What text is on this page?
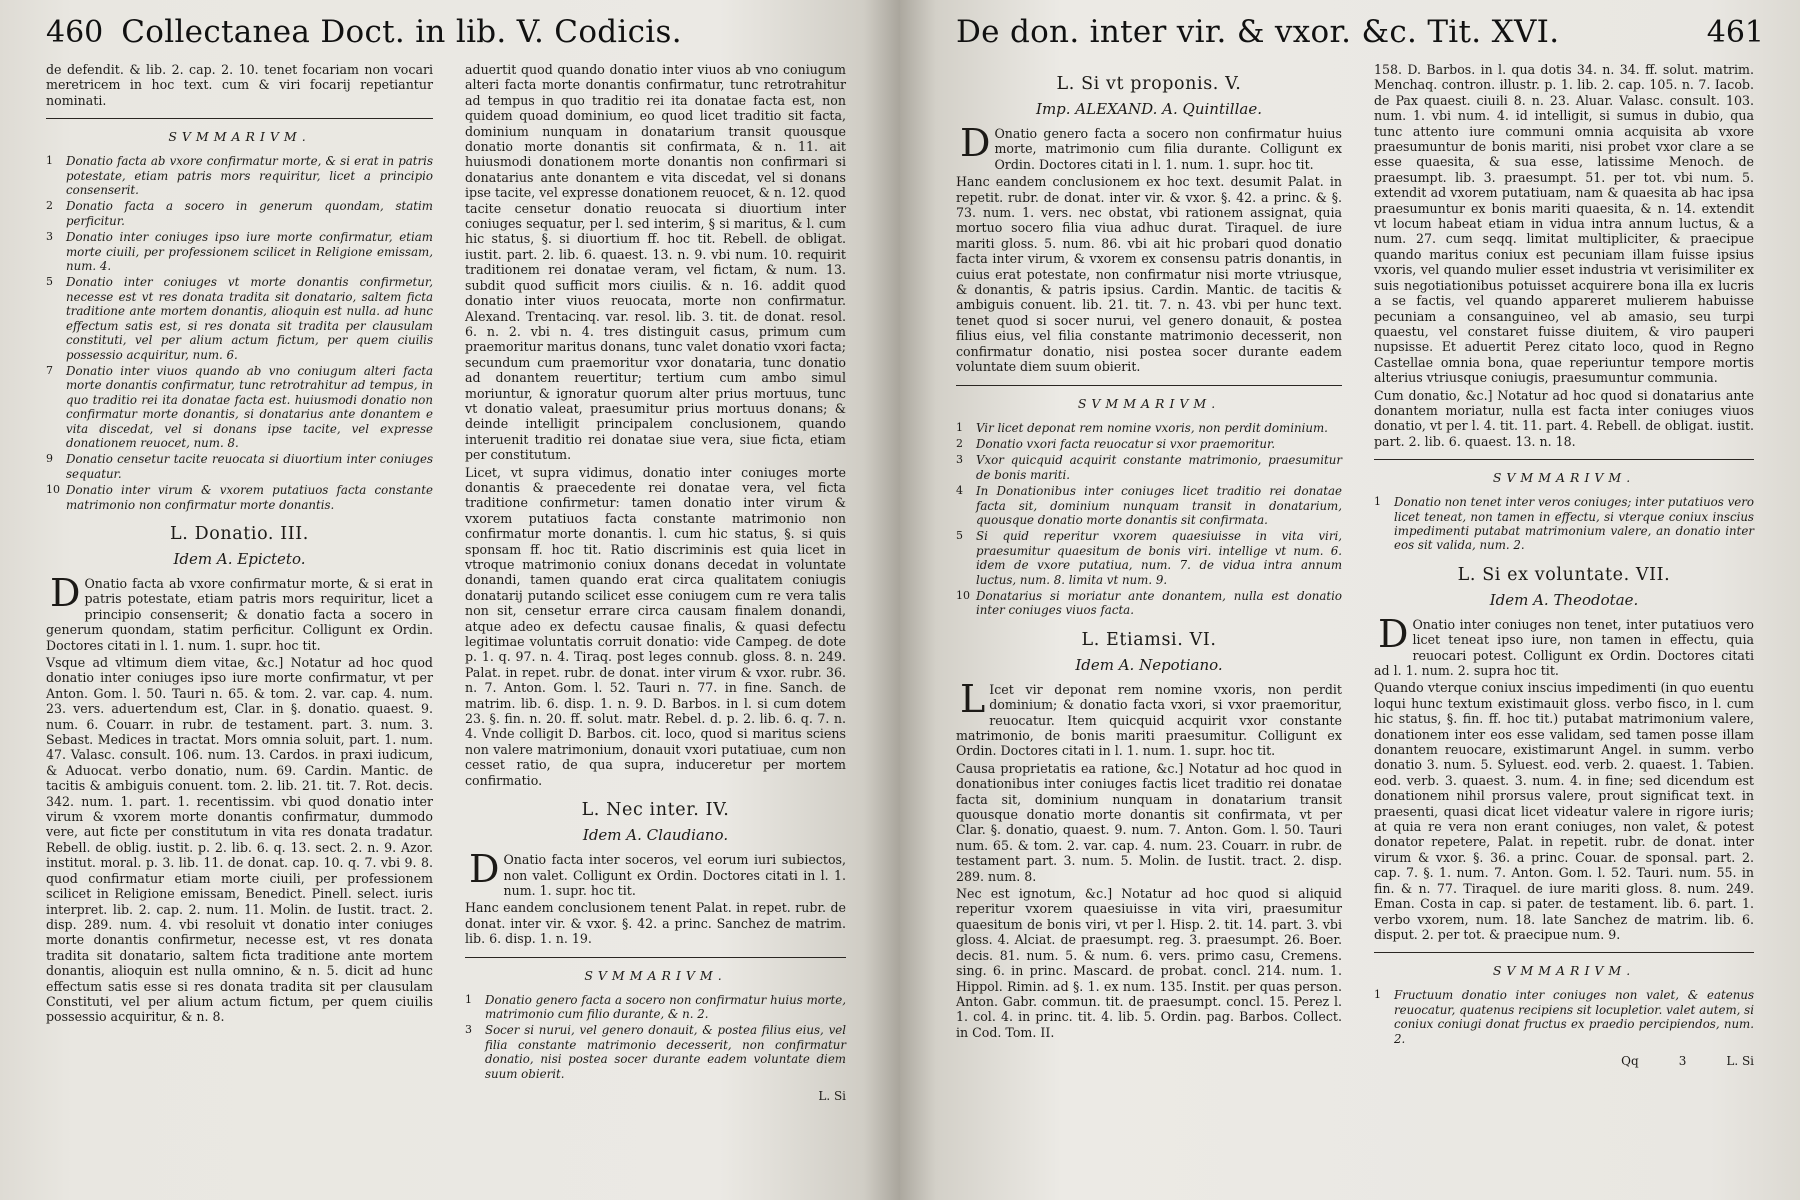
460 Collectanea Doct. in lib. V. Codicis.

de defendit. & lib. 2. cap. 2. 10. tenet focariam non vocari meretricem in hoc text. cum & viri focarij repetiantur nominati.

SVMMARIVM.
1	Donatio facta ab vxore confirmatur morte, & si erat in patris potestate, etiam patris mors requiritur, licet a principio consenserit.
2	Donatio facta a socero in generum quondam, statim perficitur.
3	Donatio inter coniuges ipso iure morte confirmatur, etiam morte ciuili, per professionem scilicet in Religione emissam, num. 4.
5	Donatio inter coniuges vt morte donantis confirmetur, necesse est vt res donata tradita sit donatario, saltem ficta traditione ante mortem donantis, alioquin est nulla. ad hunc effectum satis est, si res donata sit tradita per clausulam constituti, vel per alium actum fictum, per quem ciuilis possessio acquiritur, num. 6.
7	Donatio inter viuos quando ab vno coniugum alteri facta morte donantis confirmatur, tunc retrotrahitur ad tempus, in quo traditio rei ita donatae facta est. huiusmodi donatio non confirmatur morte donantis, si donatarius ante donantem e vita discedat, vel si donans ipse tacite, vel expresse donationem reuocet, num. 8.
9	Donatio censetur tacite reuocata si diuortium inter coniuges sequatur.
10 Donatio inter virum & vxorem putatiuos facta constante matrimonio non confirmatur morte donantis.
L. Donatio. III.
Idem A. Epicteto.

D Onatio facta ab vxore confirmatur morte, & si erat in patris potestate, etiam patris mors requiritur, licet a principio consenserit; & donatio facta a socero in generum quondam, statim perficitur. Colligunt ex Ordin. Doctores citati in l. 1. num. 1. supr. hoc tit.

Vsque ad vltimum diem vitae, &c.] Notatur ad hoc quod donatio inter coniuges ipso iure morte confirmatur, vt per Anton. Gom. l. 50. Tauri n. 65. & tom. 2. var. cap. 4. num. 23. vers. aduertendum est, Clar. in §. donatio. quaest. 9. num. 6. Couarr. in rubr. de testament. part. 3. num. 3. Sebast. Medices in tractat. Mors omnia soluit, part. 1. num. 47. Valasc. consult. 106. num. 13. Cardos. in praxi iudicum, & Aduocat. verbo donatio, num. 69. Cardin. Mantic. de tacitis & ambiguis conuent. tom. 2. lib. 21. tit. 7. Rot. decis. 342. num. 1. part. 1. recentissim. vbi quod donatio inter virum & vxorem morte donantis confirmatur, dummodo vere, aut ficte per constitutum in vita res donata tradatur. Rebell. de oblig. iustit. p. 2. lib. 6. q. 13. sect. 2. n. 9. Azor. institut. moral. p. 3. lib. 11. de donat. cap. 10. q. 7. vbi 9. 8. quod confirmatur etiam morte ciuili, per professionem scilicet in Religione emissam, Benedict. Pinell. select. iuris interpret. lib. 2. cap. 2. num. 11. Molin. de Iustit. tract. 2. disp. 289. num. 4. vbi resoluit vt donatio inter coniuges morte donantis confirmetur, necesse est, vt res donata tradita sit donatario, saltem ficta traditione ante mortem donantis, alioquin est nulla omnino, & n. 5. dicit ad hunc effectum satis esse si res donata tradita sit per clausulam Constituti, vel per alium actum fictum, per quem ciuilis possessio acquiritur, & n. 8.

aduertit quod quando donatio inter viuos ab vno coniugum alteri facta morte donantis confirmatur, tunc retrotrahitur ad tempus in quo traditio rei ita donatae facta est, non quidem quoad dominium, eo quod licet traditio sit facta, dominium nunquam in donatarium transit quousque donatio morte donantis sit confirmata, & n. 11. ait huiusmodi donationem morte donantis non confirmari si donatarius ante donantem e vita discedat, vel si donans ipse tacite, vel expresse donationem reuocet, & n. 12. quod tacite censetur donatio reuocata si diuortium inter coniuges sequatur, per l. sed interim, § si maritus, & l. cum hic status, §. si diuortium ff. hoc tit. Rebell. de obligat. iustit. part. 2. lib. 6. quaest. 13. n. 9. vbi num. 10. requirit traditionem rei donatae veram, vel fictam, & num. 13. subdit quod sufficit mors ciuilis. & n. 16. addit quod donatio inter viuos reuocata, morte non confirmatur. Alexand. Trentacinq. var. resol. lib. 3. tit. de donat. resol. 6. n. 2. vbi n. 4. tres distinguit casus, primum cum praemoritur maritus donans, tunc valet donatio vxori facta; secundum cum praemoritur vxor donataria, tunc donatio ad donantem reuertitur; tertium cum ambo simul moriuntur, & ignoratur quorum alter prius mortuus, tunc vt donatio valeat, praesumitur prius mortuus donans; & deinde intelligit principalem conclusionem, quando interuenit traditio rei donatae siue vera, siue ficta, etiam per constitutum.

Licet, vt supra vidimus, donatio inter coniuges morte donantis & praecedente rei donatae vera, vel ficta traditione confirmetur: tamen donatio inter virum & vxorem putatiuos facta constante matrimonio non confirmatur morte donantis. l. cum hic status, §. si quis sponsam ff. hoc tit. Ratio discriminis est quia licet in vtroque matrimonio coniux donans decedat in voluntate donandi, tamen quando erat circa qualitatem coniugis donatarij putando scilicet esse coniugem cum re vera talis non sit, censetur errare circa causam finalem donandi, atque adeo ex defectu causae finalis, & quasi defectu legitimae voluntatis corruit donatio: vide Campeg. de dote p. 1. q. 97. n. 4. Tiraq. post leges connub. gloss. 8. n. 249. Palat. in repet. rubr. de donat. inter virum & vxor. rubr. 36. n. 7. Anton. Gom. l. 52. Tauri n. 77. in fine. Sanch. de matrim. lib. 6. disp. 1. n. 9. D. Barbos. in l. si cum dotem 23. §. fin. n. 20. ff. solut. matr. Rebel. d. p. 2. lib. 6. q. 7. n. 4. Vnde colligit D. Barbos. cit. loco, quod si maritus sciens non valere matrimonium, donauit vxori putatiuae, cum non cesset ratio, de qua supra, induceretur per mortem confirmatio.

L. Nec inter. IV.
Idem A. Claudiano.

D Onatio facta inter soceros, vel eorum iuri subiectos, non valet. Colligunt ex Ordin. Doctores citati in l. 1. num. 1. supr. hoc tit.

Hanc eandem conclusionem tenent Palat. in repet. rubr. de donat. inter vir. & vxor. §. 42. a princ. Sanchez de matrim. lib. 6. disp. 1. n. 19.

SVMMARIVM.
1	Donatio genero facta a socero non confirmatur huius morte, matrimonio cum filio durante, & n. 2.
3	Socer si nurui, vel genero donauit, & postea filius eius, vel filia constante matrimonio decesserit, non confirmatur donatio, nisi postea socer durante eadem voluntate diem suum obierit.
L. Si
De don. inter vir. & vxor. &c. Tit. XVI.	461
L. Si vt proponis. V.
Imp. ALEXAND. A. Quintillae.

D Onatio genero facta a socero non confirmatur huius morte, matrimonio cum filia durante. Colligunt ex Ordin. Doctores citati in l. 1. num. 1. supr. hoc tit.

Hanc eandem conclusionem ex hoc text. desumit Palat. in repetit. rubr. de donat. inter vir. & vxor. §. 42. a princ. & §. 73. num. 1. vers. nec obstat, vbi rationem assignat, quia mortuo socero filia viua adhuc durat. Tiraquel. de iure mariti gloss. 5. num. 86. vbi ait hic probari quod donatio facta inter virum, & vxorem ex consensu patris donantis, in cuius erat potestate, non confirmatur nisi morte vtriusque, & donantis, & patris ipsius. Cardin. Mantic. de tacitis & ambiguis conuent. lib. 21. tit. 7. n. 43. vbi per hunc text. tenet quod si socer nurui, vel genero donauit, & postea filius eius, vel filia constante matrimonio decesserit, non confirmatur donatio, nisi postea socer durante eadem voluntate diem suum obierit.

SVMMARIVM.
1	Vir licet deponat rem nomine vxoris, non perdit dominium.
2	Donatio vxori facta reuocatur si vxor praemoritur.
3	Vxor quicquid acquirit constante matrimonio, praesumitur de bonis mariti.
4	In Donationibus inter coniuges licet traditio rei donatae facta sit, dominium nunquam transit in donatarium, quousque donatio morte donantis sit confirmata.
5	Si quid reperitur vxorem quaesiuisse in vita viri, praesumitur quaesitum de bonis viri. intellige vt num. 6. idem de vxore putatiua, num. 7. de vidua intra annum luctus, num. 8. limita vt num. 9.
10 Donatarius si moriatur ante donantem, nulla est donatio inter coniuges viuos facta.
L. Etiamsi. VI.
Idem A. Nepotiano.

L Icet vir deponat rem nomine vxoris, non perdit dominium; & donatio facta vxori, si vxor praemoritur, reuocatur. Item quicquid acquirit vxor constante matrimonio, de bonis mariti praesumitur. Colligunt ex Ordin. Doctores citati in l. 1. num. 1. supr. hoc tit.

Causa proprietatis ea ratione, &c.] Notatur ad hoc quod in donationibus inter coniuges factis licet traditio rei donatae facta sit, dominium nunquam in donatarium transit quousque donatio morte donantis sit confirmata, vt per Clar. §. donatio, quaest. 9. num. 7. Anton. Gom. l. 50. Tauri num. 65. & tom. 2. var. cap. 4. num. 23. Couarr. in rubr. de testament part. 3. num. 5. Molin. de Iustit. tract. 2. disp. 289. num. 8.

Nec est ignotum, &c.] Notatur ad hoc quod si aliquid reperitur vxorem quaesiuisse in vita viri, praesumitur quaesitum de bonis viri, vt per l. Hisp. 2. tit. 14. part. 3. vbi gloss. 4. Alciat. de praesumpt. reg. 3. praesumpt. 26. Boer. decis. 81. num. 5. & num. 6. vers. primo casu, Cremens. sing. 6. in princ. Mascard. de probat. concl. 214. num. 1. Hippol. Rimin. ad §. 1. ex num. 135. Instit. per quas person. Anton. Gabr. commun. tit. de praesumpt. concl. 15. Perez l. 1. col. 4. in princ. tit. 4. lib. 5. Ordin. pag. Barbos. Collect. in Cod. Tom. II.

158. D. Barbos. in l. qua dotis 34. n. 34. ff. solut. matrim. Menchaq. contron. illustr. p. 1. lib. 2. cap. 105. n. 7. Iacob. de Pax quaest. ciuili 8. n. 23. Aluar. Valasc. consult. 103. num. 1. vbi num. 4. id intelligit, si sumus in dubio, qua tunc attento iure communi omnia acquisita ab vxore praesumuntur de bonis mariti, nisi probet vxor clare a se esse quaesita, & sua esse, latissime Menoch. de praesumpt. lib. 3. praesumpt. 51. per tot. vbi num. 5. extendit ad vxorem putatiuam, nam & quaesita ab hac ipsa praesumuntur ex bonis mariti quaesita, & n. 14. extendit vt locum habeat etiam in vidua intra annum luctus, & a num. 27. cum seqq. limitat multipliciter, & praecipue quando maritus coniux est pecuniam illam fuisse ipsius vxoris, vel quando mulier esset industria vt verisimiliter ex suis negotiationibus potuisset acquirere bona illa ex lucris a se factis, vel quando appareret mulierem habuisse pecuniam a consanguineo, vel ab amasio, seu turpi quaestu, vel constaret fuisse diuitem, & viro pauperi nupsisse. Et aduertit Perez citato loco, quod in Regno Castellae omnia bona, quae reperiuntur tempore mortis alterius vtriusque coniugis, praesumuntur communia.

Cum donatio, &c.] Notatur ad hoc quod si donatarius ante donantem moriatur, nulla est facta inter coniuges viuos donatio, vt per l. 4. tit. 11. part. 4. Rebell. de obligat. iustit. part. 2. lib. 6. quaest. 13. n. 18.

SVMMARIVM.
1	Donatio non tenet inter veros coniuges; inter putatiuos vero licet teneat, non tamen in effectu, si vterque coniux inscius impedimenti putabat matrimonium valere, an donatio inter eos sit valida, num. 2.
L. Si ex voluntate. VII.
Idem A. Theodotae.

D Onatio inter coniuges non tenet, inter putatiuos vero licet teneat ipso iure, non tamen in effectu, quia reuocari potest. Colligunt ex Ordin. Doctores citati ad l. 1. num. 2. supra hoc tit.

Quando vterque coniux inscius impedimenti (in quo euentu loqui hunc textum existimauit gloss. verbo fisco, in l. cum hic status, §. fin. ff. hoc tit.) putabat matrimonium valere, donationem inter eos esse validam, sed tamen posse illam donantem reuocare, existimarunt Angel. in summ. verbo donatio 3. num. 5. Syluest. eod. verb. 2. quaest. 1. Tabien. eod. verb. 3. quaest. 3. num. 4. in fine; sed dicendum est donationem nihil prorsus valere, prout significat text. in praesenti, quasi dicat licet videatur valere in rigore iuris; at quia re vera non erant coniuges, non valet, & potest donator repetere, Palat. in repetit. rubr. de donat. inter virum & vxor. §. 36. a princ. Couar. de sponsal. part. 2. cap. 7. §. 1. num. 7. Anton. Gom. l. 52. Tauri. num. 55. in fin. & n. 77. Tiraquel. de iure mariti gloss. 8. num. 249. Eman. Costa in cap. si pater. de testament. lib. 6. part. 1. verbo vxorem, num. 18. late Sanchez de matrim. lib. 6. disput. 2. per tot. & praecipue num. 9.

SVMMARIVM.
1	Fructuum donatio inter coniuges non valet, & eatenus reuocatur, quatenus recipiens sit locupletior. valet autem, si coniux coniugi donat fructus ex praedio percipiendos, num. 2.
Qq	3	L. Si
